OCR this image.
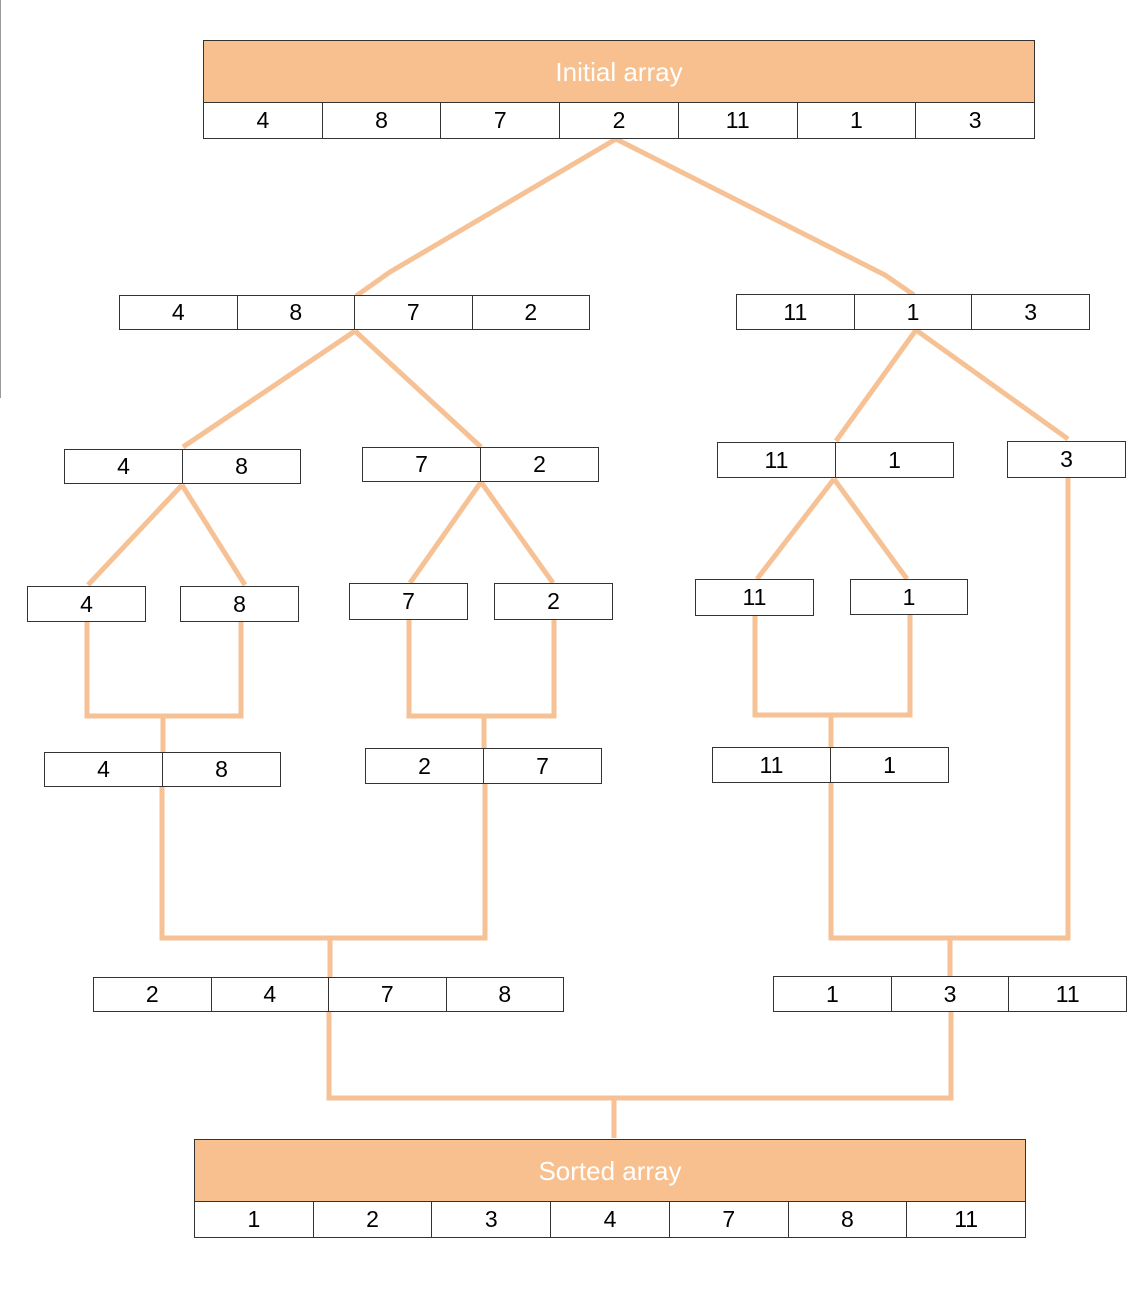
Initial array
4	8	7	2	11	1	3
4	8	7	2	11	1	3
4	8	7	2	11	1	3
4	8	7	2	11	1
4	8	2	7	11	1
2	4	7	8	1	3	11
Sorted array
1	2	3	4	7	8	11
